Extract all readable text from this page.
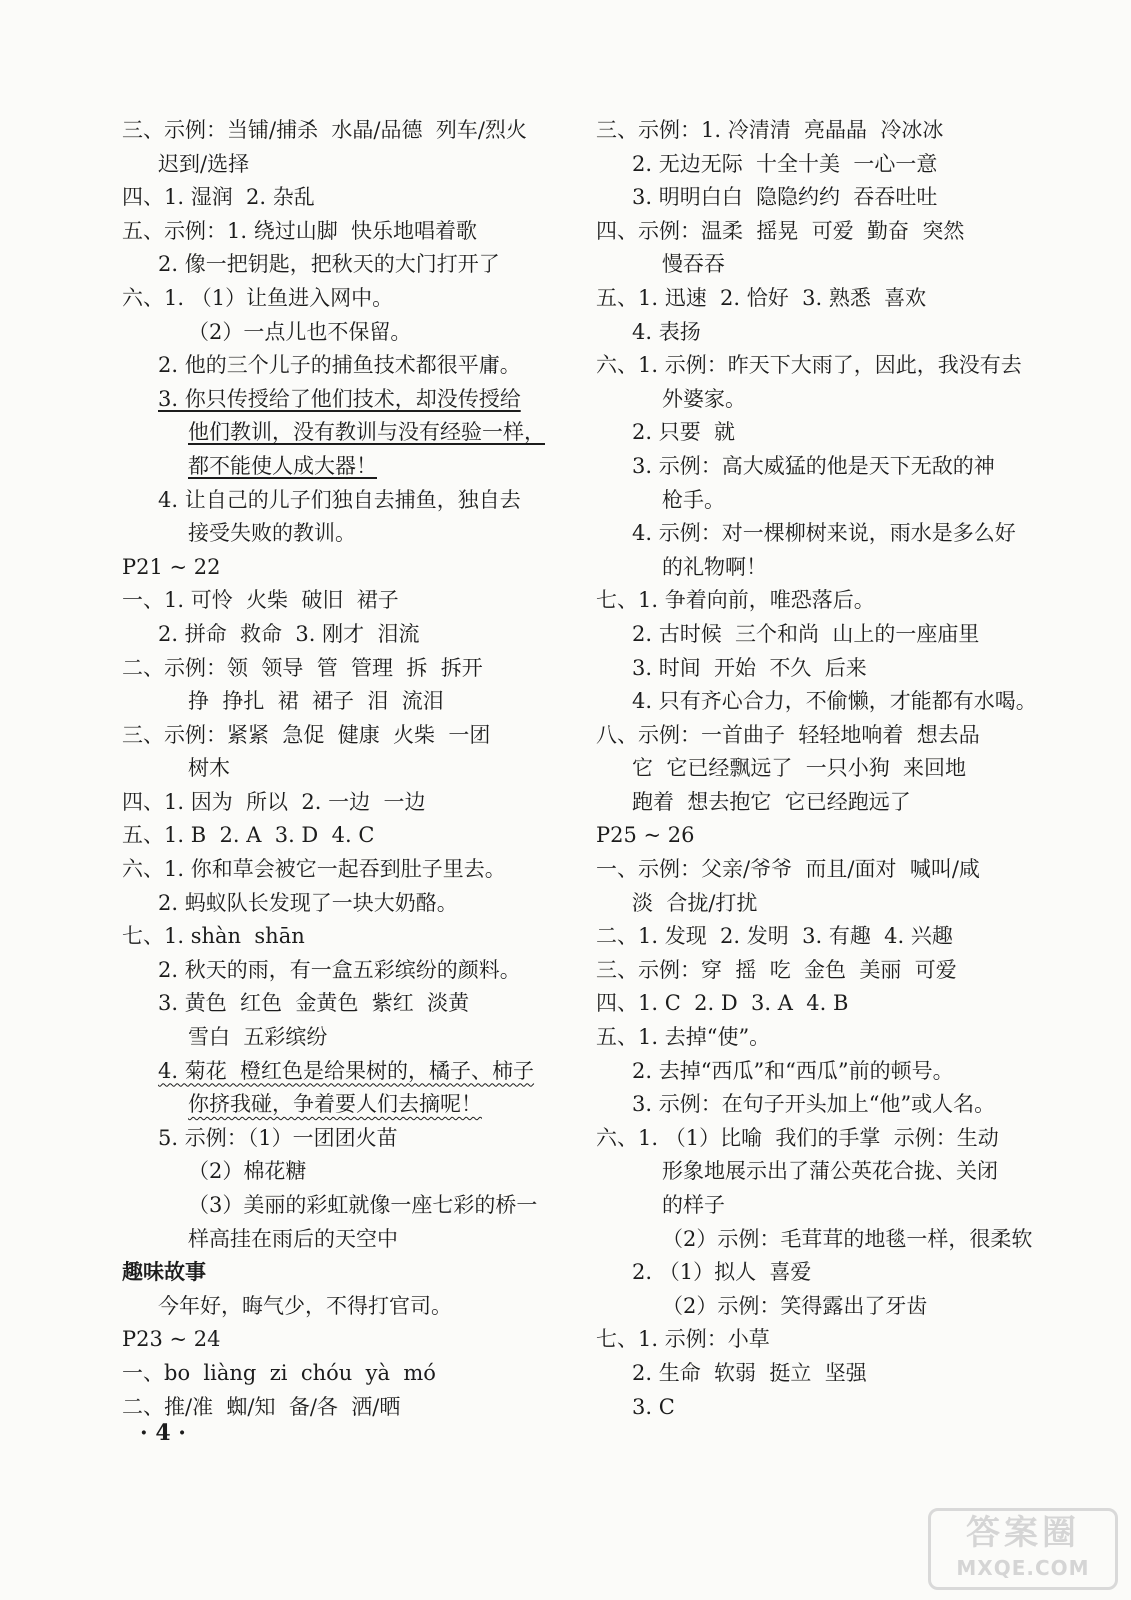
三、示例：当铺/捕杀  水晶/品德  列车/烈火
迟到/选择
四、1. 湿润  2. 杂乱
五、示例：1. 绕过山脚  快乐地唱着歌
2. 像一把钥匙，把秋天的大门打开了
六、1. （1）让鱼进入网中。
（2）一点儿也不保留。
2. 他的三个儿子的捕鱼技术都很平庸。
3. 你只传授给了他们技术，却没传授给
他们教训，没有教训与没有经验一样，
都不能使人成大器！
4. 让自己的儿子们独自去捕鱼，独自去
接受失败的教训。
P21 ~ 22
一、1. 可怜  火柴  破旧  裙子
2. 拼命  救命  3. 刚才  泪流
二、示例：领  领导  管  管理  拆  拆开
挣  挣扎  裙  裙子  泪  流泪
三、示例：紧紧  急促  健康  火柴  一团
树木
四、1. 因为  所以  2. 一边  一边
五、1. B  2. A  3. D  4. C
六、1. 你和草会被它一起吞到肚子里去。
2. 蚂蚁队长发现了一块大奶酪。
七、1. shàn  shān
2. 秋天的雨，有一盒五彩缤纷的颜料。
3. 黄色  红色  金黄色  紫红  淡黄
雪白  五彩缤纷
4. 菊花  橙红色是给果树的，橘子、柿子
你挤我碰，争着要人们去摘呢！
5. 示例：（1）一团团火苗
（2）棉花糖
（3）美丽的彩虹就像一座七彩的桥一
样高挂在雨后的天空中
趣味故事
今年好，晦气少，不得打官司。
P23 ~ 24
一、bo  liàng  zi  chóu  yà  mó
二、推/准  蜘/知  备/各  洒/晒
三、示例：1. 冷清清  亮晶晶  冷冰冰
2. 无边无际  十全十美  一心一意
3. 明明白白  隐隐约约  吞吞吐吐
四、示例：温柔  摇晃  可爱  勤奋  突然
慢吞吞
五、1. 迅速  2. 恰好  3. 熟悉  喜欢
4. 表扬
六、1. 示例：昨天下大雨了，因此，我没有去
外婆家。
2. 只要  就
3. 示例：高大威猛的他是天下无敌的神
枪手。
4. 示例：对一棵柳树来说，雨水是多么好
的礼物啊！
七、1. 争着向前，唯恐落后。
2. 古时候  三个和尚  山上的一座庙里
3. 时间  开始  不久  后来
4. 只有齐心合力，不偷懒，才能都有水喝。
八、示例：一首曲子  轻轻地响着  想去品
它  它已经飘远了  一只小狗  来回地
跑着  想去抱它  它已经跑远了
P25 ~ 26
一、示例：父亲/爷爷  而且/面对  喊叫/咸
淡  合拢/打扰
二、1. 发现  2. 发明  3. 有趣  4. 兴趣
三、示例：穿  摇  吃  金色  美丽  可爱
四、1. C  2. D  3. A  4. B
五、1. 去掉“使”。
2. 去掉“西瓜”和“西瓜”前的顿号。
3. 示例：在句子开头加上“他”或人名。
六、1. （1）比喻  我们的手掌  示例：生动
形象地展示出了蒲公英花合拢、关闭
的样子
（2）示例：毛茸茸的地毯一样，很柔软
2. （1）拟人  喜爱
（2）示例：笑得露出了牙齿
七、1. 示例：小草
2. 生命  软弱  挺立  坚强
3. C
· 4 ·
答案圈
MXQE.COM
